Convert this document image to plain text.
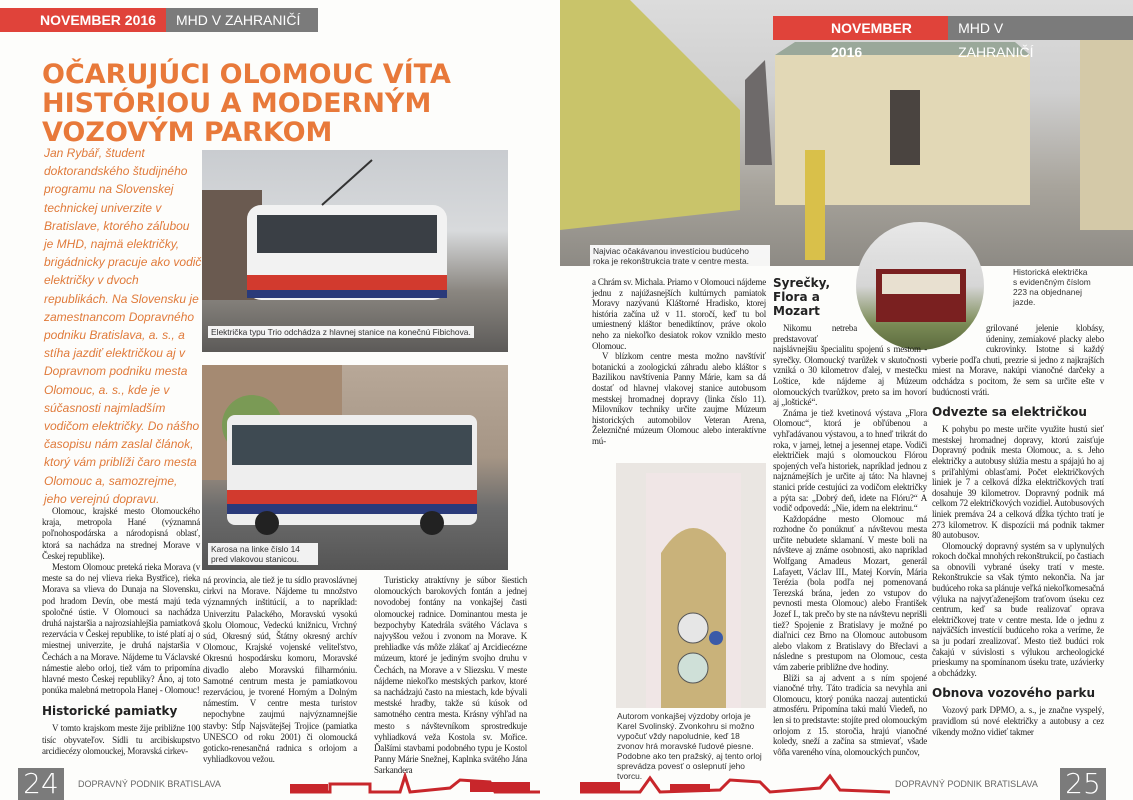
NOVEMBER 2016	MHD V ZAHRANIČÍ
OČARUJÚCI OLOMOUC VÍTA HISTÓRIOU A MODERNÝM VOZOVÝM PARKOM
Jan Rybář, študent doktorandského študijného programu na Slovenskej technickej univerzite v Bratislave, ktorého záľubou je MHD, najmä električky, brigádnicky pracuje ako vodič električky v dvoch republikách. Na Slovensku je zamestnancom Dopravného podniku Bratislava, a. s., a stíha jazdiť električkou aj v Dopravnom podniku mesta Olomouc, a. s., kde je v súčasnosti najmladším vodičom električky. Do nášho časopisu nám zaslal článok, ktorý vám priblíži čaro mesta Olomouc a, samozrejme, jeho verejnú dopravu.
Električka typu Trio odchádza z hlavnej stanice na konečnú Fibichova.
Karosa na linke číslo 14 pred vlakovou stanicou.

Olomouc, krajské mesto Olomouckého kraja, metropola Hané (významná poľnohospodárska a národopisná oblasť, ktorá sa nachádza na strednej Morave v Českej republike).

Mestom Olomouc preteká rieka Morava (v meste sa do nej vlieva rieka Bystřice), rieka Morava sa vlieva do Dunaja na Slovensku, pod hradom Devín, obe mestá majú teda spoločné ústie. V Olomouci sa nachádza druhá najstaršia a najrozsiahlejšia pamiatková rezervácia v Českej republike, to isté platí aj o miestnej univerzite, je druhá najstaršia v Čechách a na Morave. Nájdeme tu Václavské námestie alebo orloj, tiež vám to pripomína hlavné mesto Českej republiky? Áno, aj toto ponúka malebná metropola Hanej - Olomouc!

Historické pamiatky

V tomto krajskom meste žije približne 100 tisíc obyvateľov. Sídli tu arcibiskupstvo arcidiecézy olomouckej, Moravská cirkev-

ná provincia, ale tiež je tu sídlo pravoslávnej cirkvi na Morave. Nájdeme tu množstvo významných inštitúcií, a to napríklad: Univerzitu Palackého, Moravskú vysokú školu Olomouc, Vedeckú knižnicu, Vrchný súd, Okresný súd, Štátny okresný archív Olomouc, Krajské vojenské veliteľstvo, Okresnú hospodársku komoru, Moravské divadlo alebo Moravskú filharmóniu. Samotné centrum mesta je pamiatkovou rezerváciou, je tvorené Horným a Dolným námestím. V centre mesta turistov nepochybne zaujmú najvýznamnejšie stavby: Stĺp Najsvätejšej Trojice (pamiatka UNESCO od roku 2001) či olomoucká goticko-renesančná radnica s orlojom a vyhliadkovou vežou.

Turisticky atraktívny je súbor šiestich olomouckých barokových fontán a jednej novodobej fontány na vonkajšej časti olomouckej radnice. Dominantou mesta je bezpochyby Katedrála svätého Václava s najvyššou vežou i zvonom na Morave. K prehliadke vás môže zlákať aj Arcidiecézne múzeum, ktoré je jediným svojho druhu v Čechách, na Morave a v Sliezsku. V meste nájdeme niekoľko mestských parkov, ktoré sa nachádzajú často na miestach, kde bývali mestské hradby, takže sú kúsok od samotného centra mesta. Krásny výhľad na mesto s návštevníkom sprostredkuje vyhliadková veža Kostola sv. Mořice. Ďalšími stavbami podobného typu je Kostol Panny Márie Snežnej, Kaplnka svätého Jána Sarkandera

24	DOPRAVNÝ PODNIK BRATISLAVA
Najviac očakávanou investíciou budúceho roka je rekonštrukcia trate v centre mesta.
NOVEMBER 2016
MHD V ZAHRANIČÍ
Historická električka s evidenčným číslom 223 na objednanej jazde.

a Chrám sv. Michala. Priamo v Olomouci nájdeme jednu z najúžasnejších kultúrnych pamiatok Moravy nazývanú Kláštorné Hradisko, ktorej história začína už v 11. storočí, keď tu bol umiestnený kláštor benediktínov, práve okolo neho za niekoľko desiatok rokov vzniklo mesto Olomouc.

V blízkom centre mesta možno navštíviť botanickú a zoologickú záhradu alebo kláštor s Bazilikou navštívenia Panny Márie, kam sa dá dostať od hlavnej vlakovej stanice autobusom mestskej hromadnej dopravy (linka číslo 11). Milovníkov techniky určite zaujme Múzeum historických automobilov Veteran Arena, Železničné múzeum Olomouc alebo interaktívne mú-

Autorom vonkajšej výzdoby orloja je Karel Svolinský. Zvonkohru si možno vypočuť vždy napoludnie, keď 18 zvonov hrá moravské ľudové piesne. Podobne ako ten pražský, aj tento orloj sprevádza povesť o oslepnutí jeho tvorcu.
Syrečky, Flora a Mozart

Nikomu netreba predstavovať najslávnejšiu špecialitu spojenú s mestom - syrečky. Olomoucký tvarůžek v skutočnosti vzniká o 30 kilometrov ďalej, v mestečku Loštice, kde nájdeme aj Múzeum olomouckých tvarůžkov, preto sa im hovorí aj „loštické“.

Známa je tiež kvetinová výstava „Flora Olomouc“, ktorá je obľúbenou a vyhľadávanou výstavou, a to hneď trikrát do roka, v jarnej, letnej a jesennej etape. Vodiči električiek majú s olomouckou Flórou spojených veľa historiek, napríklad jednou z najznámejších je určite aj táto: Na hlavnej stanici príde cestujúci za vodičom električky a pýta sa: „Dobrý deň, idete na Flóru?“ A vodič odpovedá: „Nie, idem na elektrinu.“

Každopádne mesto Olomouc má rozhodne čo ponúknuť a návštevou mesta určite nebudete sklamaní. V meste boli na návšteve aj známe osobnosti, ako napríklad Wolfgang Amadeus Mozart, generál Lafayett, Václav III., Matej Korvín, Mária Terézia (bola podľa nej pomenovaná Terezská brána, jeden zo vstupov do pevnosti mesta Olomouc) alebo František Jozef I., tak prečo by ste na návštevu neprišli tiež? Spojenie z Bratislavy je možné po diaľnici cez Brno na Olomouc autobusom alebo vlakom z Bratislavy do Břeclavi a následne s prestupom na Olomouc, cesta vám zaberie približne dve hodiny.

Blíži sa aj advent a s ním spojené vianočné trhy. Táto tradícia sa nevyhla ani Olomoucu, ktorý ponúka naozaj autentickú atmosféru. Pripomína takú malú Viedeň, no len si to predstavte: stojíte pred olomouckým orlojom z 15. storočia, hrajú vianočné koledy, sneží a začína sa stmievať, všade vôňa vareného vína, olomouckých punčov,

grilované jelenie klobásy, údeniny, zemiakové placky alebo cukrovinky. Istotne si každý vyberie podľa chuti, prezrie si jedno z najkrajších miest na Morave, nakúpi vianočné darčeky a odchádza s pocitom, že sem sa určite ešte v budúcnosti vráti.

Odvezte sa električkou

K pohybu po meste určite využite hustú sieť mestskej hromadnej dopravy, ktorú zaisťuje Dopravný podnik mesta Olomouc, a. s. Jeho električky a autobusy slúžia mestu a spájajú ho aj s priľahlými oblasťami. Počet električkových liniek je 7 a celková dĺžka električkových tratí dosahuje 39 kilometrov. Dopravný podnik má celkom 72 električkových vozidiel. Autobusových liniek premáva 24 a celková dĺžka týchto tratí je 273 kilometrov. K dispozícii má podnik takmer 80 autobusov.

Olomoucký dopravný systém sa v uplynulých rokoch dočkal mnohých rekonštrukcií, po častiach sa obnovili vybrané úseky tratí v meste. Rekonštrukcie sa však týmto nekončia. Na jar budúceho roka sa plánuje veľká niekoľkomesačná výluka na najvyťaženejšom traťovom úseku cez centrum, keď sa bude realizovať oprava električkovej trate v centre mesta. Ide o jednu z najväčších investícií budúceho roka a veríme, že sa ju podarí zrealizovať. Mesto tiež budúci rok čakajú v súvislosti s výlukou archeologické prieskumy na spomínanom úseku trate, uzávierky a obchádzky.

Obnova vozového parku

Vozový park DPMO, a. s., je značne vyspelý, pravidlom sú nové električky a autobusy a cez víkendy možno vidieť takmer

DOPRAVNÝ PODNIK BRATISLAVA 25
